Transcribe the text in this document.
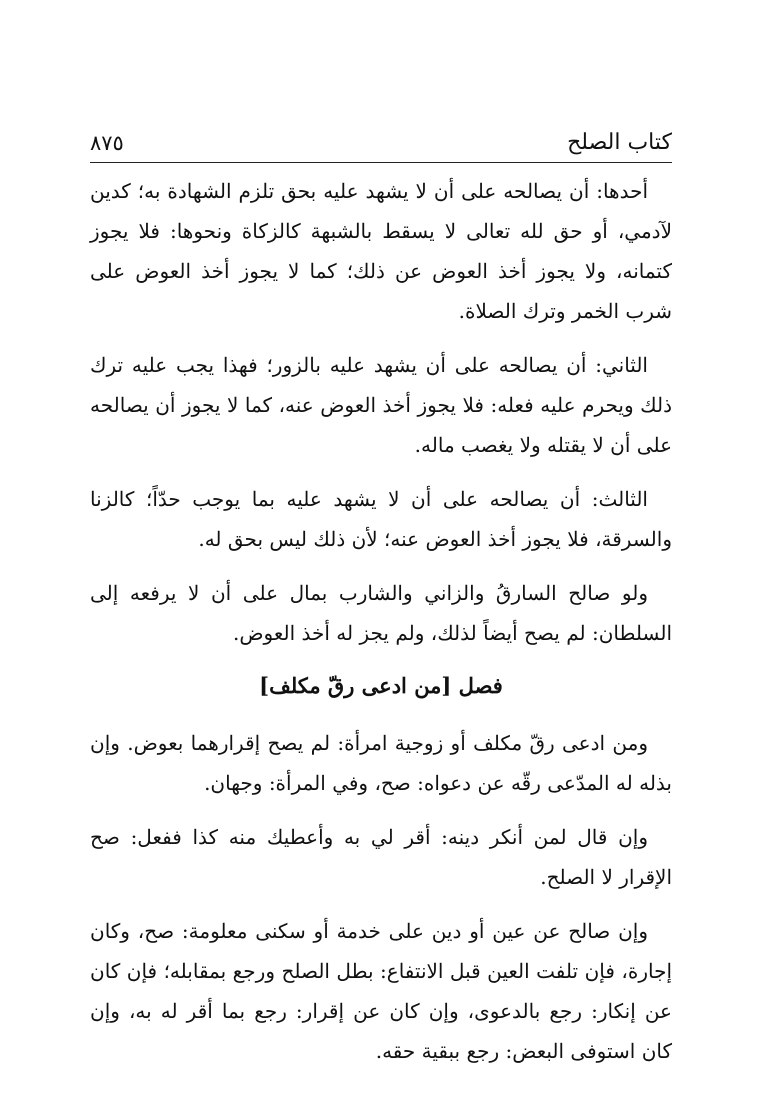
كتاب الصلح
٨٧٥

أحدها: أن يصالحه على أن لا يشهد عليه بحق تلزم الشهادة به؛ كدين لآدمي، أو حق لله تعالى لا يسقط بالشبهة كالزكاة ونحوها: فلا يجوز كتمانه، ولا يجوز أخذ العوض عن ذلك؛ كما لا يجوز أخذ العوض على شرب الخمر وترك الصلاة.

الثاني: أن يصالحه على أن يشهد عليه بالزور؛ فهذا يجب عليه ترك ذلك ويحرم عليه فعله: فلا يجوز أخذ العوض عنه، كما لا يجوز أن يصالحه على أن لا يقتله ولا يغصب ماله.

الثالث: أن يصالحه على أن لا يشهد عليه بما يوجب حدّاً؛ كالزنا والسرقة، فلا يجوز أخذ العوض عنه؛ لأن ذلك ليس بحق له.

ولو صالح السارقُ والزاني والشارب بمال على أن لا يرفعه إلى السلطان: لم يصح أيضاً لذلك، ولم يجز له أخذ العوض.

فصل [من ادعى رقّ مكلف]

ومن ادعى رقّ مكلف أو زوجية امرأة: لم يصح إقرارهما بعوض. وإن بذله له المدّعى رقّه عن دعواه: صح، وفي المرأة: وجهان.

وإن قال لمن أنكر دينه: أقر لي به وأعطيك منه كذا ففعل: صح الإقرار لا الصلح.

وإن صالح عن عين أو دين على خدمة أو سكنى معلومة: صح، وكان إجارة، فإن تلفت العين قبل الانتفاع: بطل الصلح ورجع بمقابله؛ فإن كان عن إنكار: رجع بالدعوى، وإن كان عن إقرار: رجع بما أقر له به، وإن كان استوفى البعض: رجع ببقية حقه.
